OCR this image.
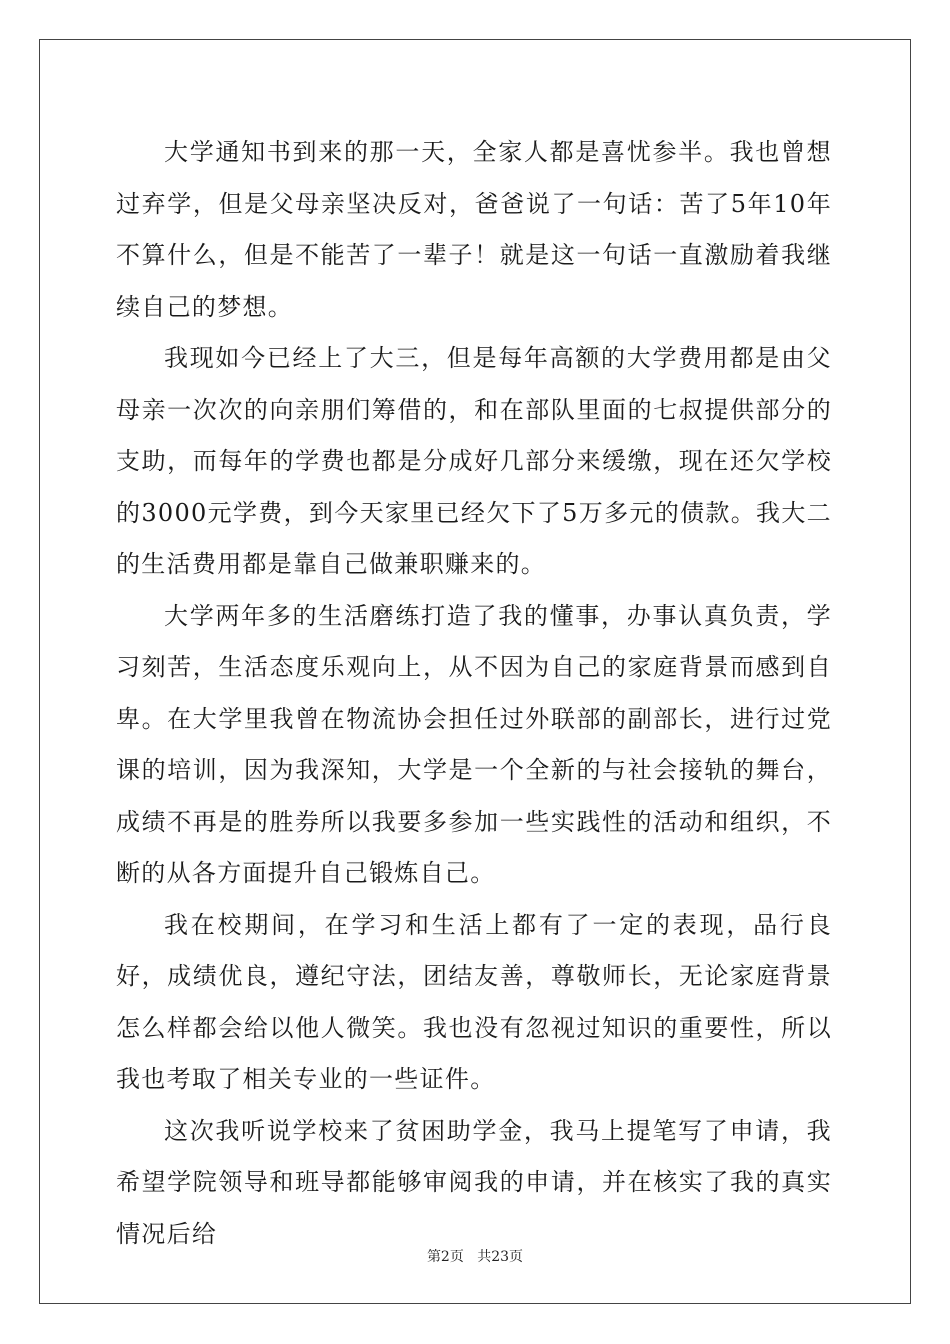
大学通知书到来的那一天，全家人都是喜忧参半。我也曾想过弃学，但是父母亲坚决反对，爸爸说了一句话：苦了5年10年不算什么，但是不能苦了一辈子！就是这一句话一直激励着我继续自己的梦想。

我现如今已经上了大三，但是每年高额的大学费用都是由父母亲一次次的向亲朋们筹借的，和在部队里面的七叔提供部分的支助，而每年的学费也都是分成好几部分来缓缴，现在还欠学校的3000元学费，到今天家里已经欠下了5万多元的债款。我大二的生活费用都是靠自己做兼职赚来的。

大学两年多的生活磨练打造了我的懂事，办事认真负责，学习刻苦，生活态度乐观向上，从不因为自己的家庭背景而感到自卑。在大学里我曾在物流协会担任过外联部的副部长，进行过党课的培训，因为我深知，大学是一个全新的与社会接轨的舞台，成绩不再是的胜券所以我要多参加一些实践性的活动和组织，不断的从各方面提升自己锻炼自己。

我在校期间，在学习和生活上都有了一定的表现，品行良好，成绩优良，遵纪守法，团结友善，尊敬师长，无论家庭背景怎么样都会给以他人微笑。我也没有忽视过知识的重要性，所以我也考取了相关专业的一些证件。

这次我听说学校来了贫困助学金，我马上提笔写了申请，我希望学院领导和班导都能够审阅我的申请，并在核实了我的真实情况后给

第2页 共23页
